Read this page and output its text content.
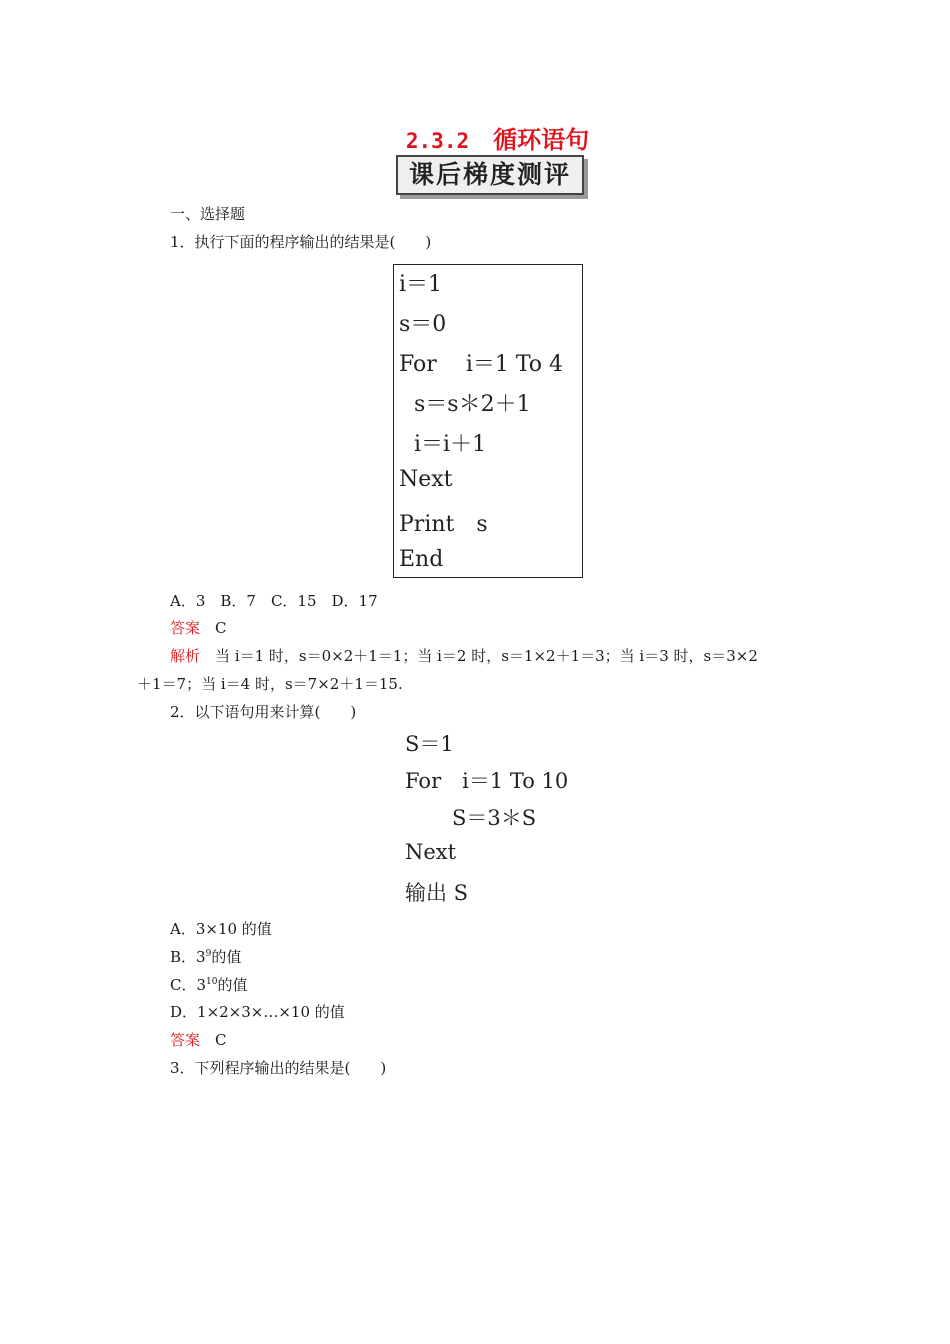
2.3.2 循环语句
课后梯度测评
一、选择题
1．执行下面的程序输出的结果是(　　)
i＝1
s＝0
For　 i＝1 To 4
s＝s＊2＋1
i＝i＋1
Next
Print　s
End
A．3　B．7　C．15　D．17
答案　 C
解析　 当 i＝1 时，s＝0×2＋1＝1；当 i＝2 时，s＝1×2＋1＝3；当 i＝3 时，s＝3×2
＋1＝7；当 i＝4 时，s＝7×2＋1＝15.
2．以下语句用来计算(　　)
S＝1
For　i＝1 To 10
S＝3＊S
Next
输出 S
A．3×10 的值
B．$3^9$的值
C．$3^{10}$的值
D．1×2×3×…×10 的值
答案　 C
3．下列程序输出的结果是(　　)
